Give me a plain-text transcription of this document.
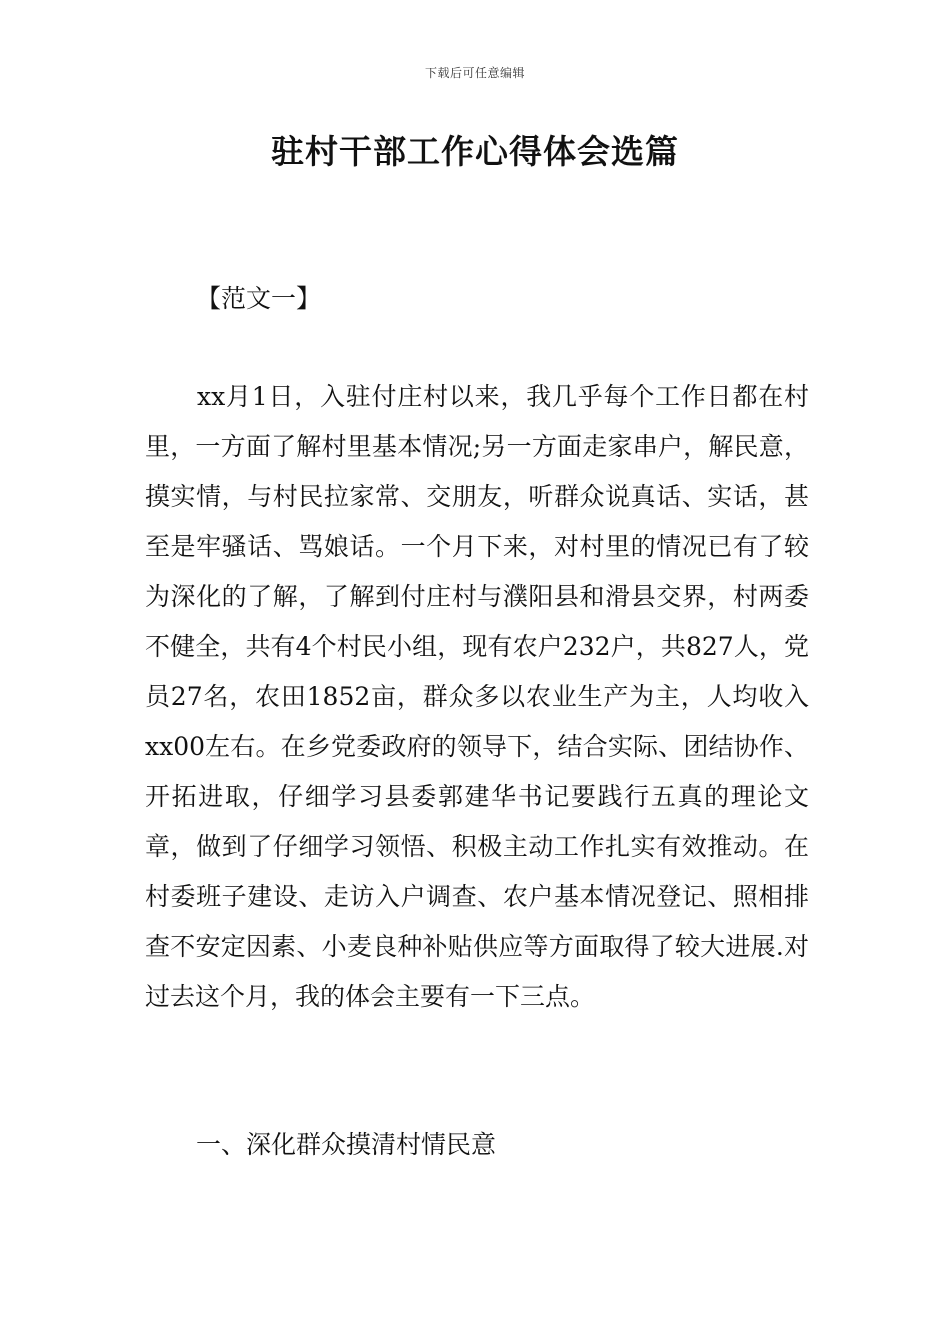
下载后可任意编辑
驻村干部工作心得体会选篇
【范文一】

xx月1日，入驻付庄村以来，我几乎每个工作日都在村里，一方面了解村里基本情况;另一方面走家串户，解民意，摸实情，与村民拉家常、交朋友，听群众说真话、实话，甚至是牢骚话、骂娘话。一个月下来，对村里的情况已有了较为深化的了解，了解到付庄村与濮阳县和滑县交界，村两委不健全，共有4个村民小组，现有农户232户，共827人，党员27名，农田1852亩，群众多以农业生产为主，人均收入xx00左右。在乡党委政府的领导下，结合实际、团结协作、开拓进取，仔细学习县委郭建华书记要践行五真的理论文章，做到了仔细学习领悟、积极主动工作扎实有效推动。在村委班子建设、走访入户调查、农户基本情况登记、照相排查不安定因素、小麦良种补贴供应等方面取得了较大进展.对过去这个月，我的体会主要有一下三点。

一、深化群众摸清村情民意
